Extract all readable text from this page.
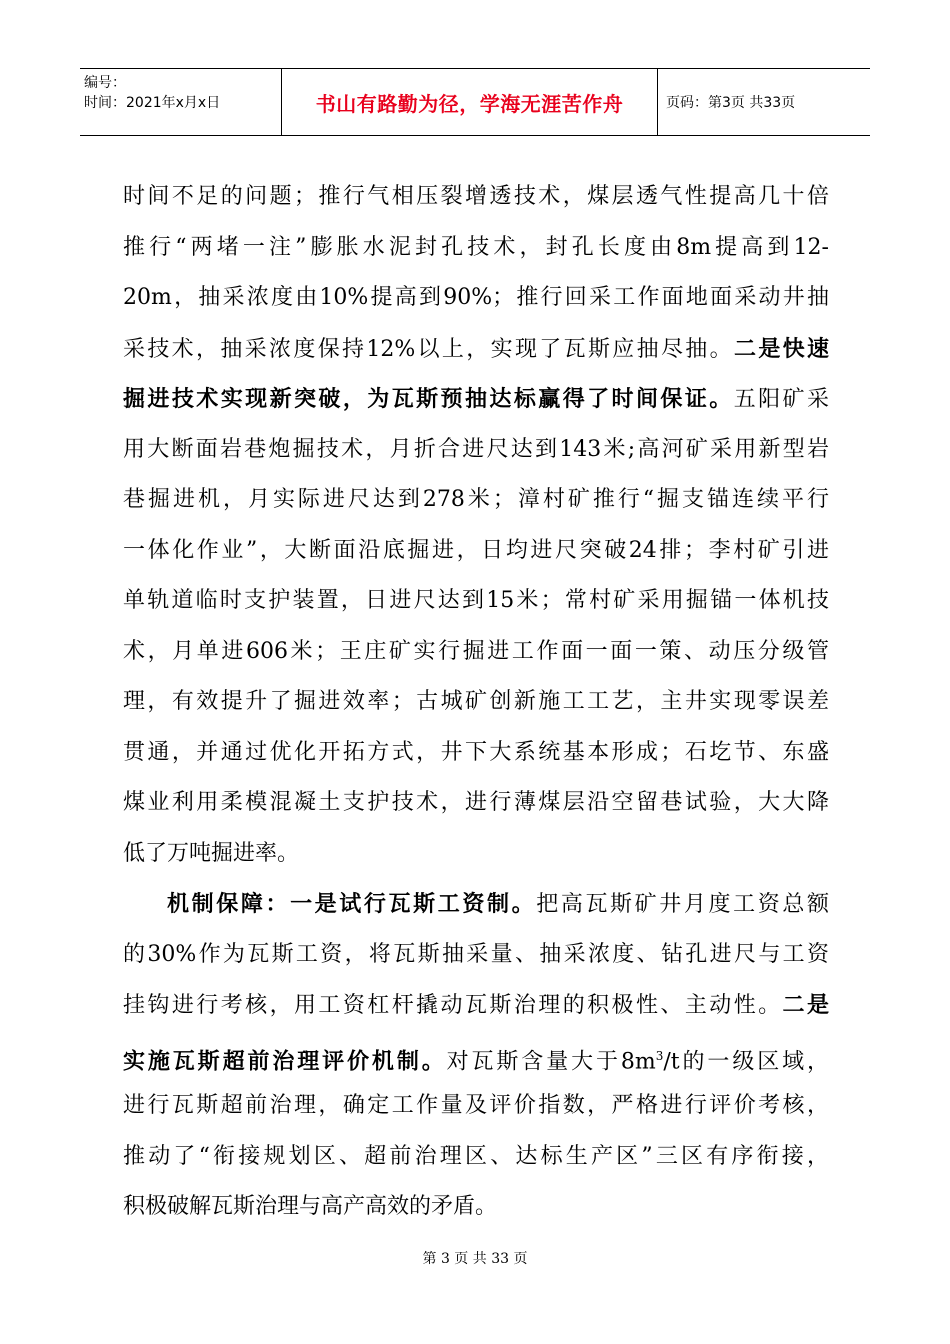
编号：
时间：2021年x月x日	书山有路勤为径，学海无涯苦作舟	页码：第3页 共33页

时间不足的问题；推行气相压裂增透技术，煤层透气性提高几十倍
推行“两堵一注”膨胀水泥封孔技术，封孔长度由8m提高到12-
20m，抽采浓度由10%提高到90%；推行回采工作面地面采动井抽
采技术，抽采浓度保持12%以上，实现了瓦斯应抽尽抽。二是快速
掘进技术实现新突破，为瓦斯预抽达标赢得了时间保证。五阳矿采
用大断面岩巷炮掘技术，月折合进尺达到143米;高河矿采用新型岩
巷掘进机，月实际进尺达到278米；漳村矿推行“掘支锚连续平行
一体化作业”，大断面沿底掘进，日均进尺突破24排；李村矿引进
单轨道临时支护装置，日进尺达到15米；常村矿采用掘锚一体机技
术，月单进606米；王庄矿实行掘进工作面一面一策、动压分级管
理，有效提升了掘进效率；古城矿创新施工工艺，主井实现零误差
贯通，并通过优化开拓方式，井下大系统基本形成；石圪节、东盛
煤业利用柔模混凝土支护技术，进行薄煤层沿空留巷试验，大大降
低了万吨掘进率。

机制保障：一是试行瓦斯工资制。把高瓦斯矿井月度工资总额
的30%作为瓦斯工资，将瓦斯抽采量、抽采浓度、钻孔进尺与工资
挂钩进行考核，用工资杠杆撬动瓦斯治理的积极性、主动性。二是
实施瓦斯超前治理评价机制。对瓦斯含量大于$8m^3/t$的一级区域，
进行瓦斯超前治理，确定工作量及评价指数，严格进行评价考核，
推动了“衔接规划区、超前治理区、达标生产区”三区有序衔接，
积极破解瓦斯治理与高产高效的矛盾。

第 3 页 共 33 页
